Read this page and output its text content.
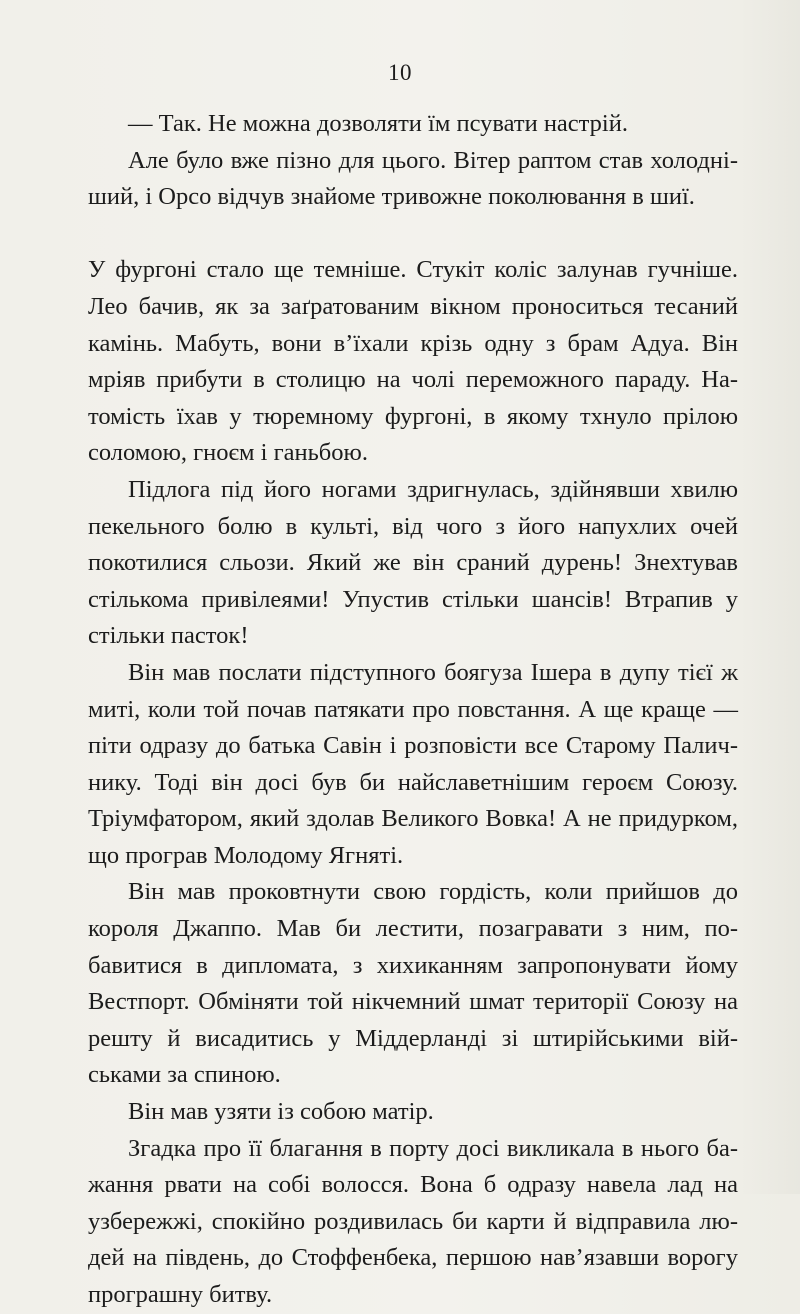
10

— Так. Не можна дозволяти їм псувати настрій.

Але було вже пізно для цього. Вітер раптом став холодніший, і Орсо відчув знайоме тривожне поколювання в шиї.

У фургоні стало ще темніше. Стукіт коліс залунав гучніше. Лео бачив, як за заґратованим вікном проноситься тесаний камінь. Мабуть, вони в’їхали крізь одну з брам Адуа. Він мріяв прибути в столицю на чолі переможного параду. Натомість їхав у тюремному фургоні, в якому тхнуло прілою соломою, гноєм і ганьбою.

Підлога під його ногами здригнулась, здійнявши хвилю пекельного болю в культі, від чого з його напухлих очей покотилися сльози. Який же він сраний дурень! Знехтував стількома привілеями! Упустив стільки шансів! Втрапив у стільки пасток!

Він мав послати підступного боягуза Ішера в дупу тієї ж миті, коли той почав патякати про повстання. А ще краще — піти одразу до батька Савін і розповісти все Старому Паличнику. Тоді він досі був би найславетнішим героєм Союзу. Тріумфатором, який здолав Великого Вовка! А не придурком, що програв Молодому Ягняті.

Він мав проковтнути свою гордість, коли прийшов до короля Джаппо. Мав би лестити, позагравати з ним, побавитися в дипломата, з хихиканням запропонувати йому Вестпорт. Обміняти той нікчемний шмат території Союзу на решту й висадитись у Міддерланді зі штирійськими військами за спиною.

Він мав узяти із собою матір.

Згадка про її благання в порту досі викликала в нього бажання рвати на собі волосся. Вона б одразу навела лад на узбережжі, спокійно роздивилась би карти й відправила людей на південь, до Стоффенбека, першою нав’язавши ворогу програшну битву.
